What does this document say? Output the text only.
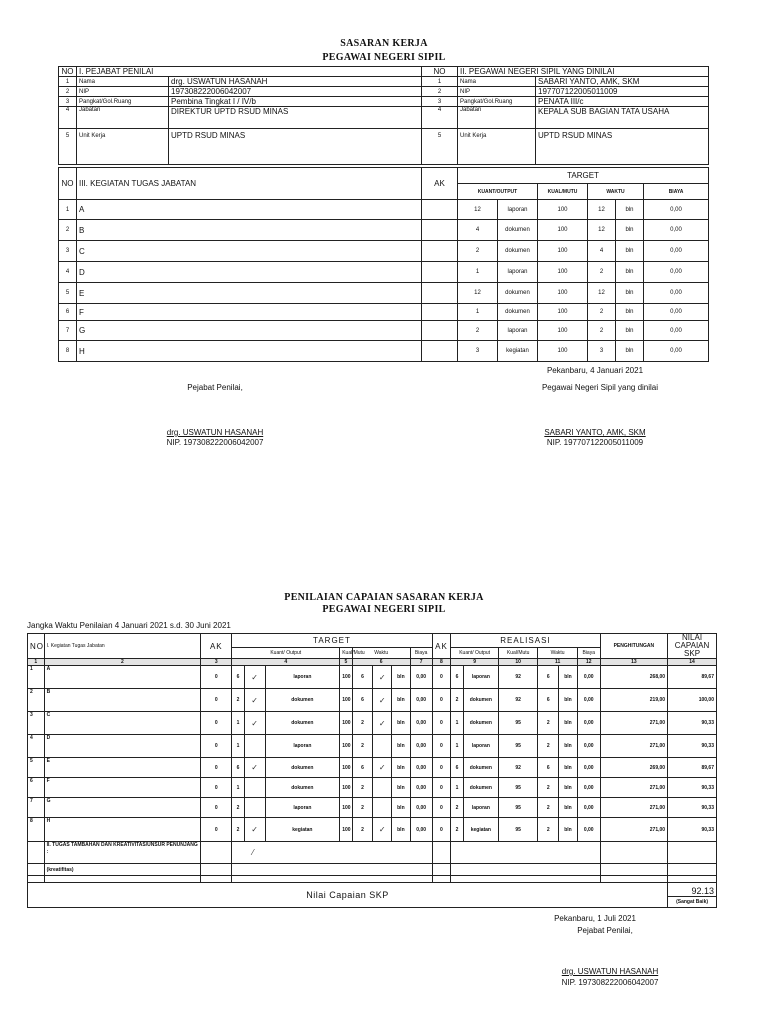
SASARAN KERJA
PEGAWAI NEGERI SIPIL
NO	I. PEJABAT PENILAI		NO	II. PEGAWAI NEGERI SIPIL YANG DINILAI	
1	Nama	drg. USWATUN HASANAH	1	Nama	SABARI YANTO, AMK, SKM
2	NIP	197308222006042007	2	NIP	197707122005011009
3	Pangkat/Gol.Ruang	Pembina Tingkat I / IV/b	3	Pangkat/Gol.Ruang	PENATA III/c
4	Jabatan	DIREKTUR UPTD RSUD MINAS	4	Jabatan	KEPALA SUB BAGIAN TATA USAHA
5	Unit Kerja	UPTD RSUD MINAS	5	Unit Kerja	UPTD RSUD MINAS
NO	III. KEGIATAN TUGAS JABATAN	AK	TARGET					
			KUANT/OUTPUT		KUAL/MUTU	WAKTU		BIAYA
1	A		12	laporan	100	12	bln	0,00
2	B		4	dokumen	100	12	bln	0,00
3	C		2	dokumen	100	4	bln	0,00
4	D		1	laporan	100	2	bln	0,00
5	E		12	dokumen	100	12	bln	0,00
6	F		1	dokumen	100	2	bln	0,00
7	G		2	laporan	100	2	bln	0,00
8	H		3	kegiatan	100	3	bln	0,00
Pekanbaru, 4 Januari 2021
Pejabat Penilai,	Pegawai Negeri Sipil yang dinilai
drg. USWATUN HASANAH
NIP. 197308222006042007
SABARI YANTO, AMK, SKM
NIP. 197707122005011009
PENILAIAN CAPAIAN SASARAN KERJA
PEGAWAI NEGERI SIPIL
Jangka Waktu Penilaian 4 Januari 2021 s.d. 30 Juni 2021
NO	I. Kegiatan Tugas Jabatan	AK	TARGET								AK	REALISASI						PENGHITUNGAN	NILAI CAPAIAN SKP
			Kuant/ Output			Kual/Mutu	Waktu			Biaya		Kuant/ Output		Kual/Mutu	Waktu		Biaya		
1	2	3	4			5	6			7	8	9		10	11		12	13	14
1	A	0	6	✓	laporan	100	6	✓	bln	0,00	0	6	laporan	92	6	bln	0,00	268,00	89,67
2	B	0	2	✓	dokumen	100	6	✓	bln	0,00	0	2	dokumen	92	6	bln	0,00	219,00	100,00
3	C	0	1	✓	dokumen	100	2	✓	bln	0,00	0	1	dokumen	95	2	bln	0,00	271,00	90,33
4	D	0	1		laporan	100	2		bln	0,00	0	1	laporan	95	2	bln	0,00	271,00	90,33
5	E	0	6	✓	dokumen	100	6	✓	bln	0,00	0	6	dokumen	92	6	bln	0,00	269,00	89,67
6	F	0	1		dokumen	100	2		bln	0,00	0	1	dokumen	95	2	bln	0,00	271,00	90,33
7	G	0	2		laporan	100	2		bln	0,00	0	2	laporan	95	2	bln	0,00	271,00	90,33
8	H	0	2	✓	kegiatan	100	2	✓	bln	0,00	0	2	kegiatan	95	2	bln	0,00	271,00	90,33
	II. TUGAS TAMBAHAN DAN KREATIVITAS/UNSUR PENUNJANG :		⁄																
	(kreatifitas)																		

Nilai Capaian SKP																			92.13
(Sangat Baik)
Pekanbaru, 1 Juli 2021
Pejabat Penilai,
drg. USWATUN HASANAH
NIP. 197308222006042007
